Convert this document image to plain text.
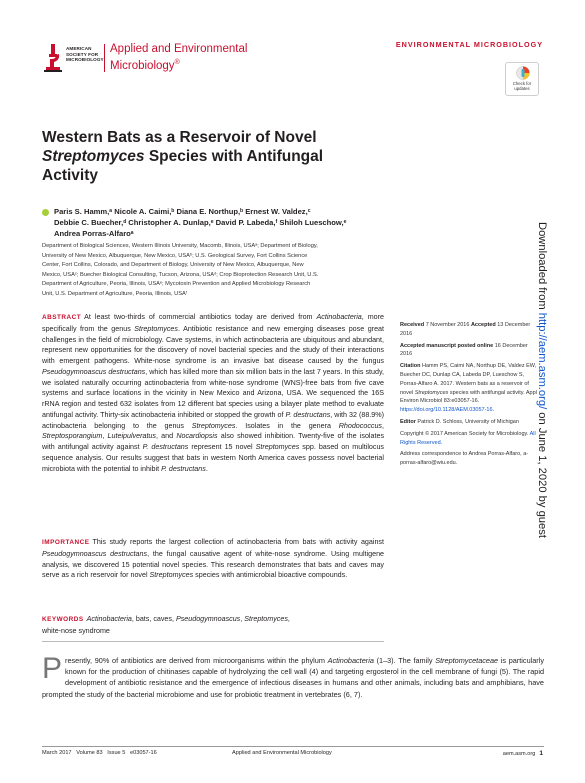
AMERICAN
SOCIETY FOR
MICROBIOLOGY
Applied and Environmental
Microbiology®
ENVIRONMENTAL MICROBIOLOGY
Check for
updates
Western Bats as a Reservoir of Novel
Streptomyces Species with Antifungal
Activity
Paris S. Hamm,ᵃ Nicole A. Caimi,ᵇ Diana E. Northup,ᵇ Ernest W. Valdez,ᶜ
Debbie C. Buecher,ᵈ Christopher A. Dunlap,ᵉ David P. Labeda,ᶠ Shiloh Lueschow,ᵉ
Andrea Porras-Alfaroᵃ
Department of Biological Sciences, Western Illinois University, Macomb, Illinois, USAᵃ; Department of Biology,
University of New Mexico, Albuquerque, New Mexico, USAᵇ; U.S. Geological Survey, Fort Collins Science
Center, Fort Collins, Colorado, and Department of Biology, University of New Mexico, Albuquerque, New
Mexico, USAᶜ; Buecher Biological Consulting, Tucson, Arizona, USAᵈ; Crop Bioprotection Research Unit, U.S.
Department of Agriculture, Peoria, Illinois, USAᵉ; Mycotoxin Prevention and Applied Microbiology Research
Unit, U.S. Department of Agriculture, Peoria, Illinois, USAᶠ	Downloaded from http://aem.asm.org/ on June 1, 2020 by guest
ABSTRACT At least two-thirds of commercial antibiotics today are derived from Actinobacteria, more specifically from the genus Streptomyces. Antibiotic resistance and new emerging diseases pose great challenges in the field of microbiology. Cave systems, in which actinobacteria are ubiquitous and abundant, represent new opportunities for the discovery of novel bacterial species and the study of their interactions with emergent pathogens. White-nose syndrome is an invasive bat disease caused by the fungus Pseudogymnoascus destructans, which has killed more than six million bats in the last 7 years. In this study, we isolated naturally occurring actinobacteria from white-nose syndrome (WNS)-free bats from five cave systems and surface locations in the vicinity in New Mexico and Arizona, USA. We sequenced the 16S rRNA region and tested 632 isolates from 12 different bat species using a bilayer plate method to evaluate antifungal activity. Thirty-six actinobacteria inhibited or stopped the growth of P. destructans, with 32 (88.9%) actinobacteria belonging to the genus Streptomyces. Isolates in the genera Rhodococcus, Streptosporangium, Luteipulveratus, and Nocardiopsis also showed inhibition. Twenty-five of the isolates with antifungal activity against P. destructans represent 15 novel Streptomyces spp. based on multilocus sequence analysis. Our results suggest that bats in western North America caves possess novel bacterial microbiota with the potential to inhibit P. destructans.
IMPORTANCE This study reports the largest collection of actinobacteria from bats with activity against Pseudogymnoascus destructans, the fungal causative agent of white-nose syndrome. Using multigene analysis, we discovered 15 potential novel species. This research demonstrates that bats and caves may serve as a rich reservoir for novel Streptomyces species with antimicrobial bioactive compounds.
KEYWORDS Actinobacteria, bats, caves, Pseudogymnoascus, Streptomyces,
white-nose syndrome
Presently, 90% of antibiotics are derived from microorganisms within the phylum Actinobacteria (1–3). The family Streptomycetaceae is particularly known for the production of chitinases capable of hydrolyzing the cell wall (4) and targeting ergosterol in the cell membrane of fungi (5). The rapid development of antibiotic resistance and the emergence of infectious diseases in humans and other animals, including bats and amphibians, have prompted the study of the bacterial microbiome and use for probiotic treatment in vertebrates (6, 7).
Received 7 November 2016 Accepted 13 December 2016
Accepted manuscript posted online 16 December 2016
Citation Hamm PS, Caimi NA, Northup DE, Valdez EW, Buecher DC, Dunlap CA, Labeda DP, Lueschow S, Porras-Alfaro A. 2017. Western bats as a reservoir of novel Streptomyces species with antifungal activity. Appl Environ Microbiol 83:e03057-16. https://doi.org/10.1128/AEM.03057-16.
Editor Patrick D. Schloss, University of Michigan
Copyright © 2017 American Society for Microbiology. All Rights Reserved.
Address correspondence to Andrea Porras-Alfaro, a-porras-alfaro@wiu.edu.
March 2017   Volume 83   Issue 5   e03057-16	Applied and Environmental Microbiology	aem.asm.org 1
